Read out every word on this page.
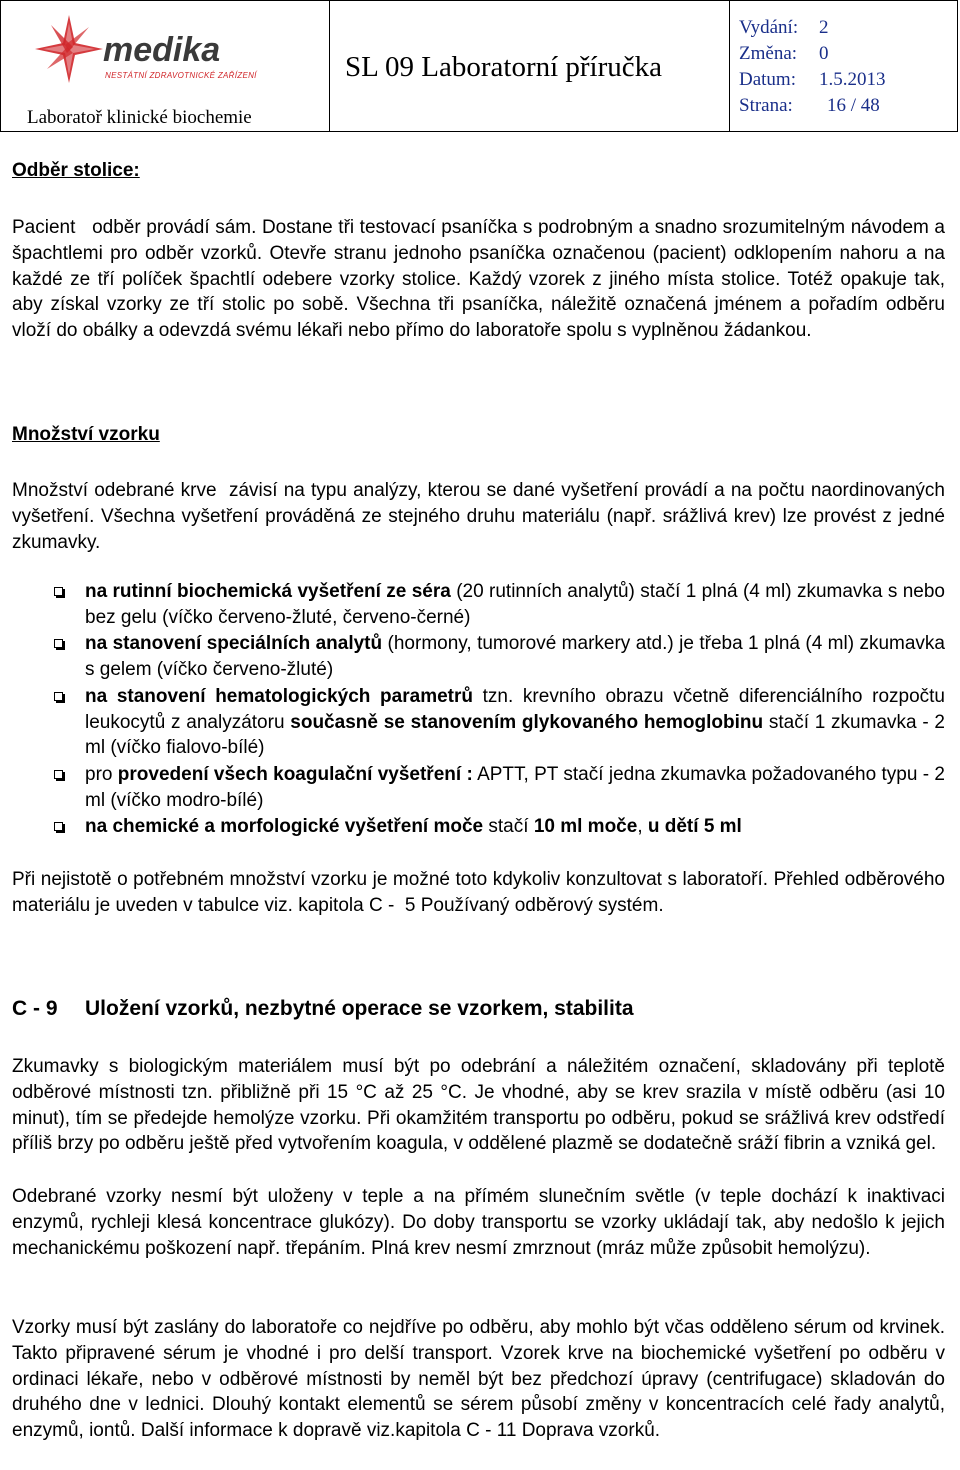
medika
NESTÁTNÍ ZDRAVOTNICKÉ ZAŘÍZENÍ
Laboratoř klinické biochemie
SL 09 Laboratorní příručka
Vydání: 2
Změna: 0
Datum: 1.5.2013
Strana: 16 / 48
Odběr stolice:
Pacient   odběr provádí sám. Dostane tři testovací psaníčka s podrobným a snadno srozumitelným návodem a špachtlemi pro odběr vzorků. Otevře stranu jednoho psaníčka označenou (pacient) odklopením nahoru a na každé ze tří políček špachtlí odebere vzorky stolice. Každý vzorek z jiného místa stolice. Totéž opakuje tak, aby získal vzorky ze tří stolic po sobě. Všechna tři psaníčka, náležitě označená jménem a pořadím odběru vloží do obálky a odevzdá svému lékaři nebo přímo do laboratoře spolu s vyplněnou žádankou.
Množství vzorku
Množství odebrané krve  závisí na typu analýzy, kterou se dané vyšetření provádí a na počtu naordinovaných vyšetření. Všechna vyšetření prováděná ze stejného druhu materiálu (např. srážlivá krev) lze provést z jedné zkumavky.
na rutinní biochemická vyšetření ze séra (20 rutinních analytů) stačí 1 plná (4 ml) zkumavka s nebo bez gelu (víčko červeno-žluté, červeno-černé)
na stanovení speciálních analytů (hormony, tumorové markery atd.) je třeba 1 plná (4 ml) zkumavka s gelem (víčko červeno-žluté)
na stanovení hematologických parametrů tzn. krevního obrazu včetně diferenciálního rozpočtu leukocytů z analyzátoru současně se stanovením glykovaného hemoglobinu stačí 1 zkumavka - 2 ml (víčko fialovo-bílé)
pro provedení všech koagulační vyšetření : APTT, PT stačí jedna zkumavka požadovaného typu - 2 ml (víčko modro-bílé)
na chemické a morfologické vyšetření moče stačí 10 ml moče, u dětí 5 ml
Při nejistotě o potřebném množství vzorku je možné toto kdykoliv konzultovat s laboratoří. Přehled odběrového materiálu je uveden v tabulce viz. kapitola C -  5 Používaný odběrový systém.
C - 9 Uložení vzorků, nezbytné operace se vzorkem, stabilita
Zkumavky s biologickým materiálem musí být po odebrání a náležitém označení, skladovány při teplotě odběrové místnosti tzn. přibližně při 15 °C až 25 °C. Je vhodné, aby se krev srazila v místě odběru (asi 10 minut), tím se předejde hemolýze vzorku. Při okamžitém transportu po odběru, pokud se srážlivá krev odstředí příliš brzy po odběru ještě před vytvořením koagula, v oddělené plazmě se dodatečně sráží fibrin a vzniká gel.
Odebrané vzorky nesmí být uloženy v teple a na přímém slunečním světle (v teple dochází k inaktivaci enzymů, rychleji klesá koncentrace glukózy). Do doby transportu se vzorky ukládají tak, aby nedošlo k jejich mechanickému poškození např. třepáním. Plná krev nesmí zmrznout (mráz může způsobit hemolýzu).
Vzorky musí být zaslány do laboratoře co nejdříve po odběru, aby mohlo být včas odděleno sérum od krvinek. Takto připravené sérum je vhodné i pro delší transport. Vzorek krve na biochemické vyšetření po odběru v ordinaci lékaře, nebo v odběrové místnosti by neměl být bez předchozí úpravy (centrifugace) skladován do druhého dne v lednici. Dlouhý kontakt elementů se sérem působí změny v koncentracích celé řady analytů, enzymů, iontů. Další informace k dopravě viz.kapitola C - 11 Doprava vzorků.
